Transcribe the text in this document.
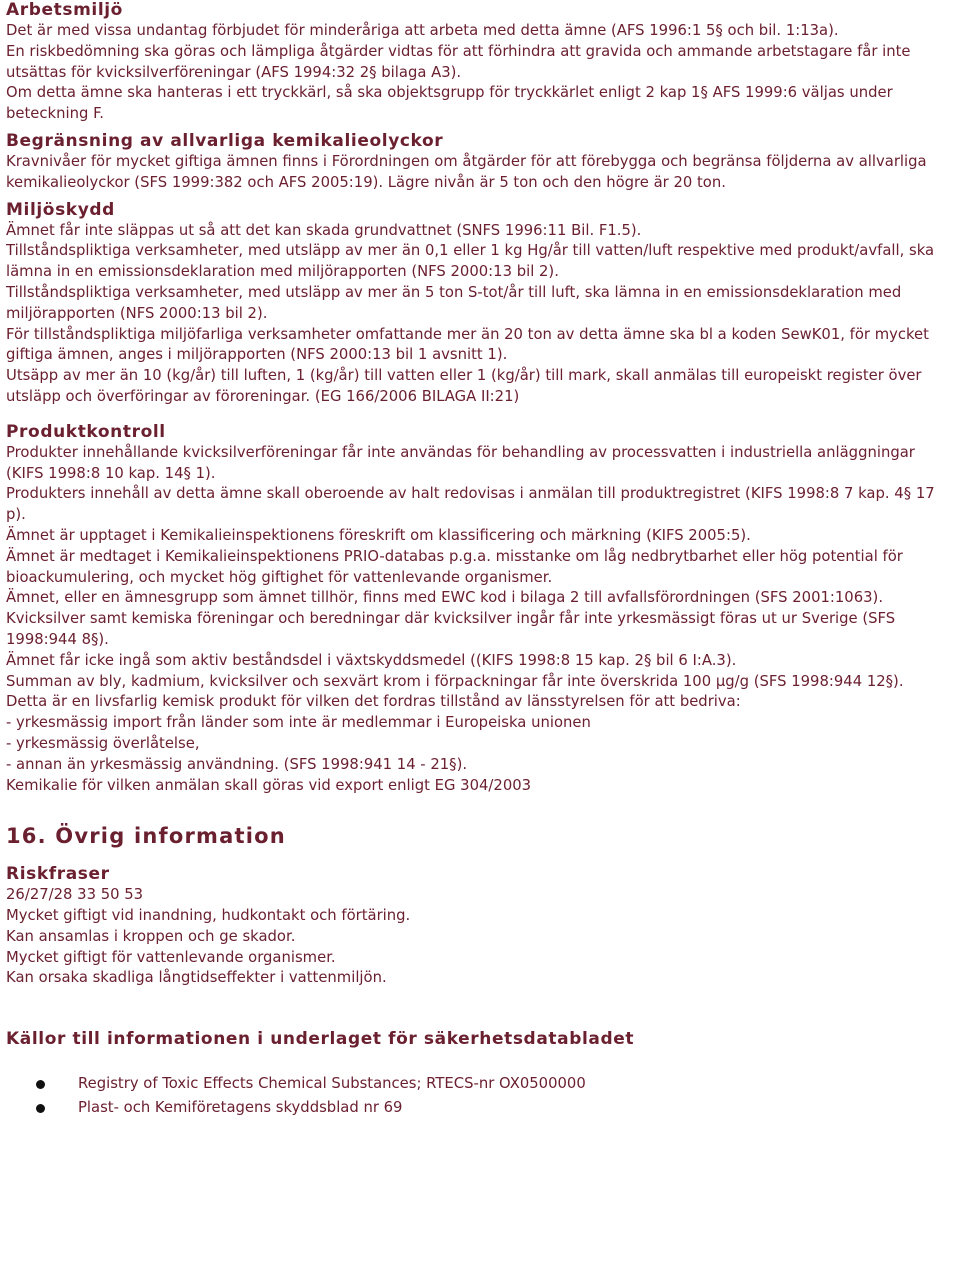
Arbetsmiljö

Det är med vissa undantag förbjudet för minderåriga att arbeta med detta ämne (AFS 1996:1 5§ och bil. 1:13a).

En riskbedömning ska göras och lämpliga åtgärder vidtas för att förhindra att gravida och ammande arbetstagare får inte utsättas för kvicksilverföreningar (AFS 1994:32 2§ bilaga A3).

Om detta ämne ska hanteras i ett tryckkärl, så ska objektsgrupp för tryckkärlet enligt 2 kap 1§ AFS 1999:6 väljas under beteckning F.

Begränsning av allvarliga kemikalieolyckor

Kravnivåer för mycket giftiga ämnen finns i Förordningen om åtgärder för att förebygga och begränsa följderna av allvarliga kemikalieolyckor (SFS 1999:382 och AFS 2005:19). Lägre nivån är 5 ton och den högre är 20 ton.

Miljöskydd

Ämnet får inte släppas ut så att det kan skada grundvattnet (SNFS 1996:11 Bil. F1.5).

Tillståndspliktiga verksamheter, med utsläpp av mer än 0,1 eller 1 kg Hg/år till vatten/luft respektive med produkt/avfall, ska lämna in en emissionsdeklaration med miljörapporten (NFS 2000:13 bil 2).

Tillståndspliktiga verksamheter, med utsläpp av mer än 5 ton S-tot/år till luft, ska lämna in en emissionsdeklaration med miljörapporten (NFS 2000:13 bil 2).

För tillståndspliktiga miljöfarliga verksamheter omfattande mer än 20 ton av detta ämne ska bl a koden SewK01, för mycket giftiga ämnen, anges i miljörapporten (NFS 2000:13 bil 1 avsnitt 1).

Utsäpp av mer än 10 (kg/år) till luften, 1 (kg/år) till vatten eller 1 (kg/år) till mark, skall anmälas till europeiskt register över utsläpp och överföringar av föroreningar. (EG 166/2006 BILAGA II:21)

Produktkontroll

Produkter innehållande kvicksilverföreningar får inte användas för behandling av processvatten i industriella anläggningar (KIFS 1998:8 10 kap. 14§ 1).

Produkters innehåll av detta ämne skall oberoende av halt redovisas i anmälan till produktregistret (KIFS 1998:8 7 kap. 4§ 17 p).

Ämnet är upptaget i Kemikalieinspektionens föreskrift om klassificering och märkning (KIFS 2005:5).

Ämnet är medtaget i Kemikalieinspektionens PRIO-databas p.g.a. misstanke om låg nedbrytbarhet eller hög potential för bioackumulering, och mycket hög giftighet för vattenlevande organismer.

Ämnet, eller en ämnesgrupp som ämnet tillhör, finns med EWC kod i bilaga 2 till avfallsförordningen (SFS 2001:1063).

Kvicksilver samt kemiska föreningar och beredningar där kvicksilver ingår får inte yrkesmässigt föras ut ur Sverige (SFS 1998:944 8§).

Ämnet får icke ingå som aktiv beståndsdel i växtskyddsmedel ((KIFS 1998:8 15 kap. 2§ bil 6 I:A.3).

Summan av bly, kadmium, kvicksilver och sexvärt krom i förpackningar får inte överskrida 100 µg/g (SFS 1998:944 12§).

Detta är en livsfarlig kemisk produkt för vilken det fordras tillstånd av länsstyrelsen för att bedriva:

- yrkesmässig import från länder som inte är medlemmar i Europeiska unionen

- yrkesmässig överlåtelse,

- annan än yrkesmässig användning. (SFS 1998:941 14 - 21§).

Kemikalie för vilken anmälan skall göras vid export enligt EG 304/2003

16. Övrig information
Riskfraser

26/27/28 33 50 53

Mycket giftigt vid inandning, hudkontakt och förtäring.

Kan ansamlas i kroppen och ge skador.

Mycket giftigt för vattenlevande organismer.

Kan orsaka skadliga långtidseffekter i vattenmiljön.

Källor till informationen i underlaget för säkerhetsdatabladet
Registry of Toxic Effects Chemical Substances; RTECS-nr OX0500000
Plast- och Kemiföretagens skyddsblad nr 69
